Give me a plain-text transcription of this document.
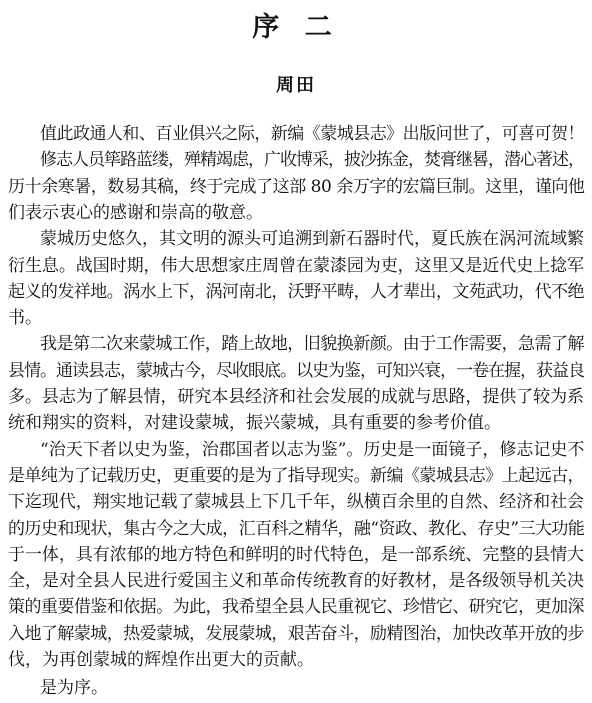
序 二
周田
值此政通人和、百业俱兴之际，新编《蒙城县志》出版问世了，可喜可贺！
修志人员筚路蓝缕，殚精竭虑，广收博采，披沙拣金，焚膏继晷，潜心著述，
历十余寒暑，数易其稿，终于完成了这部 80 余万字的宏篇巨制。这里，谨向他
们表示衷心的感谢和崇高的敬意。
蒙城历史悠久，其文明的源头可追溯到新石器时代，夏氏族在涡河流域繁
衍生息。战国时期，伟大思想家庄周曾在蒙漆园为吏，这里又是近代史上捻军
起义的发祥地。涡水上下，涡河南北，沃野平畴，人才辈出，文苑武功，代不绝
书。
我是第二次来蒙城工作，踏上故地，旧貌换新颜。由于工作需要，急需了解
县情。通读县志，蒙城古今，尽收眼底。以史为鉴，可知兴衰，一卷在握，获益良
多。县志为了解县情，研究本县经济和社会发展的成就与思路，提供了较为系
统和翔实的资料，对建设蒙城，振兴蒙城，具有重要的参考价值。
“治天下者以史为鉴，治郡国者以志为鉴”。历史是一面镜子，修志记史不
是单纯为了记载历史，更重要的是为了指导现实。新编《蒙城县志》上起远古，
下迄现代，翔实地记载了蒙城县上下几千年，纵横百余里的自然、经济和社会
的历史和现状，集古今之大成，汇百科之精华，融“资政、教化、存史”三大功能
于一体，具有浓郁的地方特色和鲜明的时代特色，是一部系统、完整的县情大
全，是对全县人民进行爱国主义和革命传统教育的好教材，是各级领导机关决
策的重要借鉴和依据。为此，我希望全县人民重视它、珍惜它、研究它，更加深
入地了解蒙城，热爱蒙城，发展蒙城，艰苦奋斗，励精图治，加快改革开放的步
伐，为再创蒙城的辉煌作出更大的贡献。
是为序。
